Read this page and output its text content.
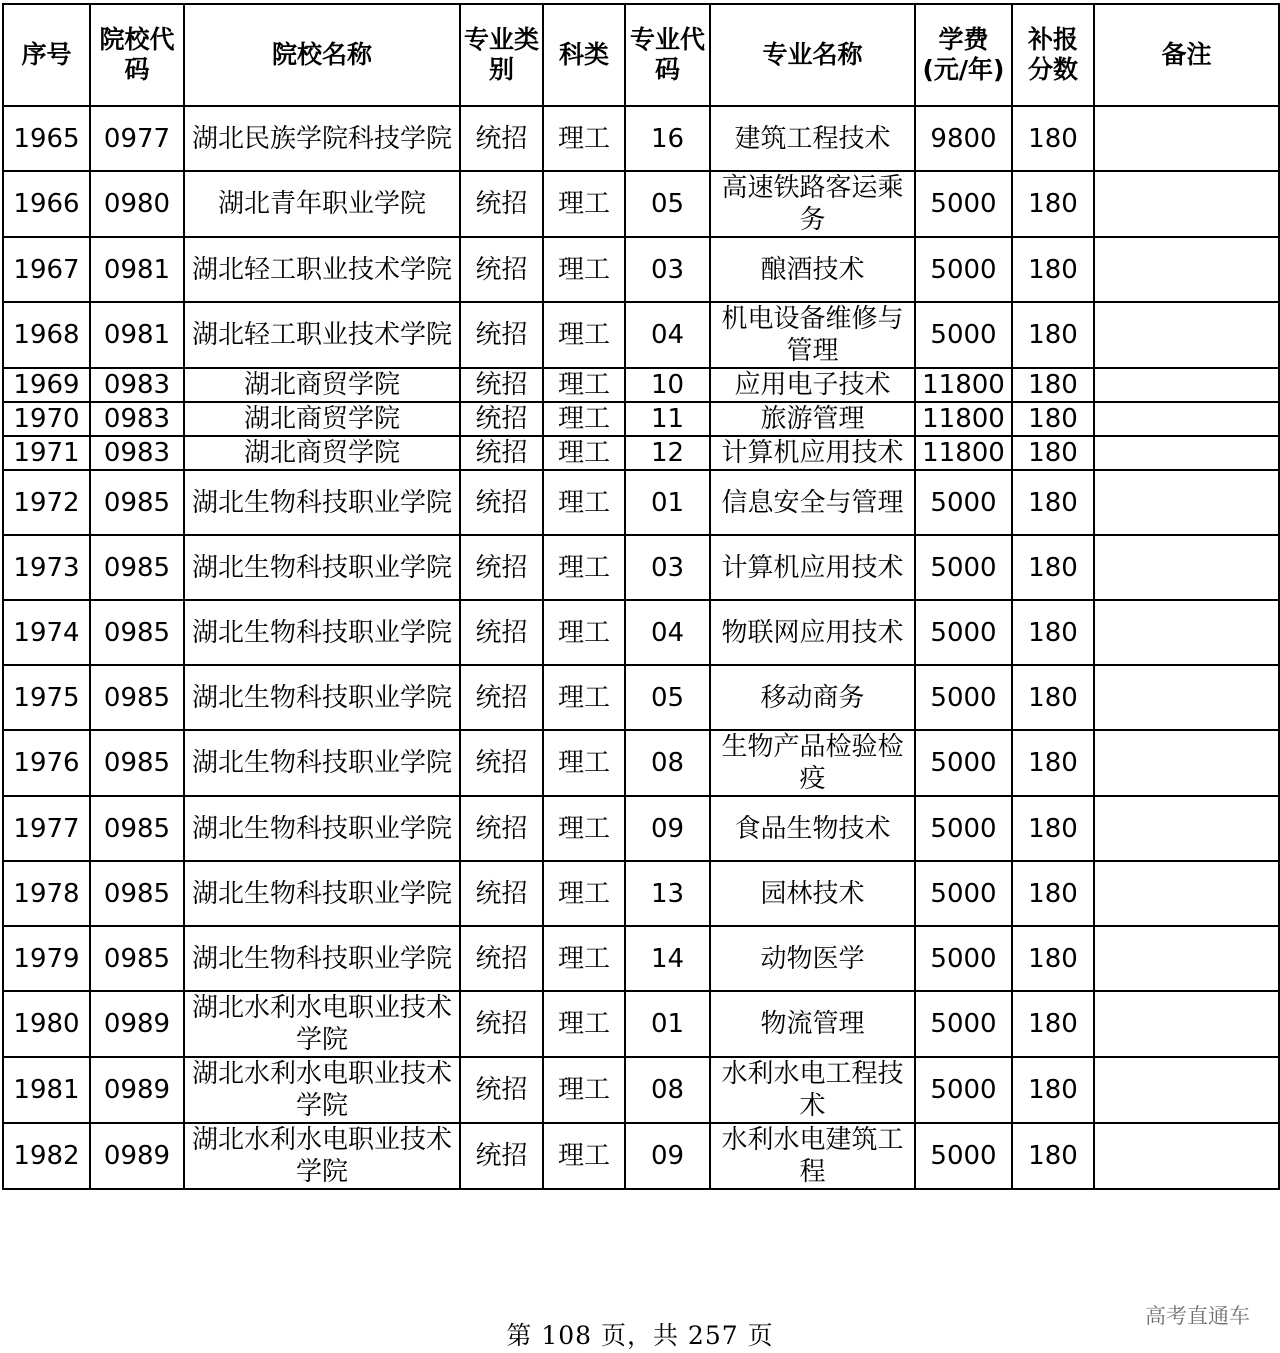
序号	院校代码	院校名称	专业类别	科类	专业代码	专业名称	学费(元/年)	补报分数	备注
1965	0977	湖北民族学院科技学院	统招	理工	16	建筑工程技术	9800	180	
1966	0980	湖北青年职业学院	统招	理工	05	高速铁路客运乘务	5000	180	
1967	0981	湖北轻工职业技术学院	统招	理工	03	酿酒技术	5000	180	
1968	0981	湖北轻工职业技术学院	统招	理工	04	机电设备维修与管理	5000	180	
1969	0983	湖北商贸学院	统招	理工	10	应用电子技术	11800	180	
1970	0983	湖北商贸学院	统招	理工	11	旅游管理	11800	180	
1971	0983	湖北商贸学院	统招	理工	12	计算机应用技术	11800	180	
1972	0985	湖北生物科技职业学院	统招	理工	01	信息安全与管理	5000	180	
1973	0985	湖北生物科技职业学院	统招	理工	03	计算机应用技术	5000	180	
1974	0985	湖北生物科技职业学院	统招	理工	04	物联网应用技术	5000	180	
1975	0985	湖北生物科技职业学院	统招	理工	05	移动商务	5000	180	
1976	0985	湖北生物科技职业学院	统招	理工	08	生物产品检验检疫	5000	180	
1977	0985	湖北生物科技职业学院	统招	理工	09	食品生物技术	5000	180	
1978	0985	湖北生物科技职业学院	统招	理工	13	园林技术	5000	180	
1979	0985	湖北生物科技职业学院	统招	理工	14	动物医学	5000	180	
1980	0989	湖北水利水电职业技术学院	统招	理工	01	物流管理	5000	180	
1981	0989	湖北水利水电职业技术学院	统招	理工	08	水利水电工程技术	5000	180	
1982	0989	湖北水利水电职业技术学院	统招	理工	09	水利水电建筑工程	5000	180	
第 108 页，共 257 页
高考直通车
